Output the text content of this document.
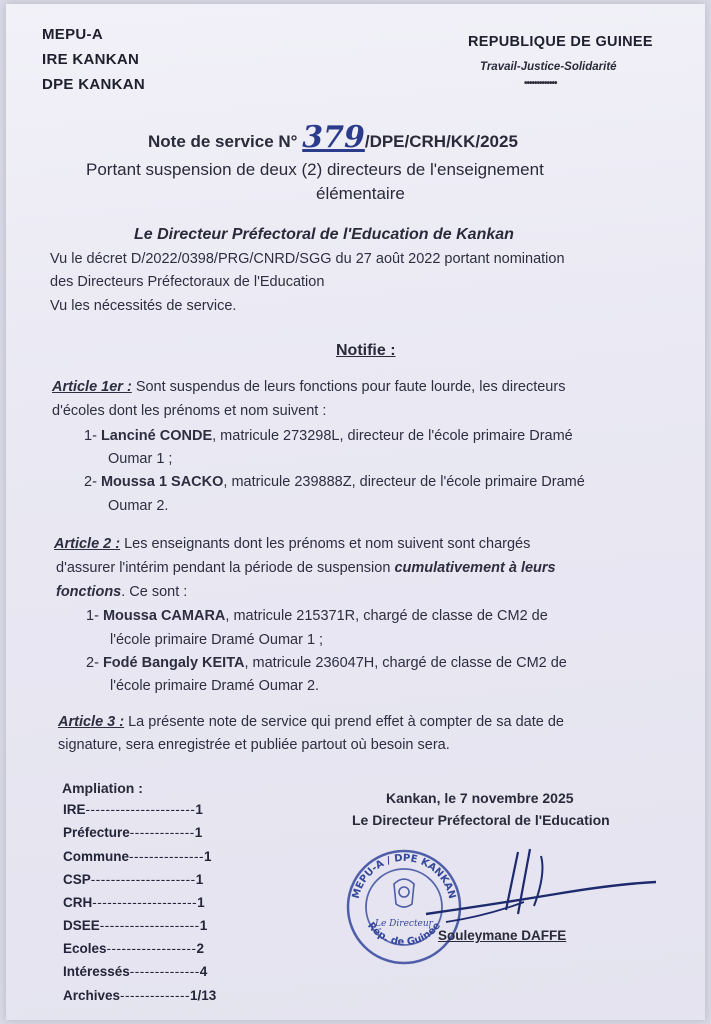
MEPU-A
IRE KANKAN
DPE KANKAN
REPUBLIQUE DE GUINEE
Travail-Justice-Solidarité
•••••••••••••
Note de service N° 379/DPE/CRH/KK/2025
Portant suspension de deux (2) directeurs de l'enseignement
élémentaire
Le Directeur Préfectoral de l'Education de Kankan
Vu le décret D/2022/0398/PRG/CNRD/SGG du 27 août 2022 portant nomination
des Directeurs Préfectoraux de l'Education
Vu les nécessités de service.
Notifie :
Article 1er : Sont suspendus de leurs fonctions pour faute lourde, les directeurs
d'écoles dont les prénoms et nom suivent :
1- Lanciné CONDE, matricule 273298L, directeur de l'école primaire Dramé
Oumar 1 ;
2- Moussa 1 SACKO, matricule 239888Z, directeur de l'école primaire Dramé
Oumar 2.
Article 2 : Les enseignants dont les prénoms et nom suivent sont chargés
d'assurer l'intérim pendant la période de suspension cumulativement à leurs
fonctions. Ce sont :
1- Moussa CAMARA, matricule 215371R, chargé de classe de CM2 de
l'école primaire Dramé Oumar 1 ;
2- Fodé Bangaly KEITA, matricule 236047H, chargé de classe de CM2 de
l'école primaire Dramé Oumar 2.
Article 3 : La présente note de service qui prend effet à compter de sa date de
signature, sera enregistrée et publiée partout où besoin sera.
Ampliation :
IRE----------------------1
Préfecture-------------1
Commune---------------1
CSP---------------------1
CRH---------------------1
DSEE--------------------1
Ecoles------------------2
Intéressés--------------4
Archives--------------1/13
Kankan, le 7 novembre 2025
Le Directeur Préfectoral de l'Education
MEPU-A / DPE KANKAN
Rép. de Guinée
Le Directeur
Souleymane DAFFE
